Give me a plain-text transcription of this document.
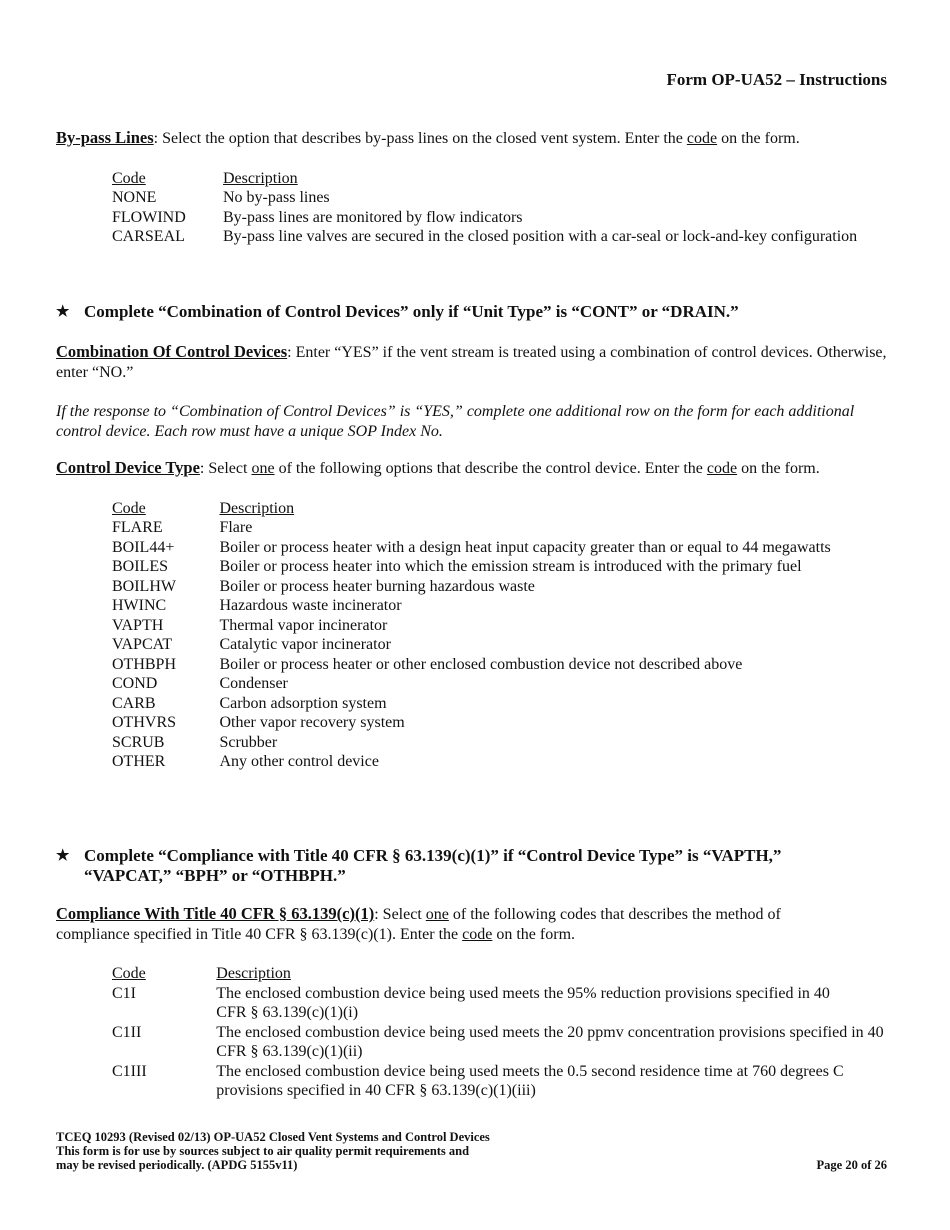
Form OP-UA52 – Instructions
By-pass Lines: Select the option that describes by-pass lines on the closed vent system. Enter the code on the form.
Code	Description
NONE	No by-pass lines
FLOWIND	By-pass lines are monitored by flow indicators
CARSEAL	By-pass line valves are secured in the closed position with a car-seal or lock-and-key configuration
★ Complete “Combination of Control Devices” only if “Unit Type” is “CONT” or “DRAIN.”
Combination Of Control Devices: Enter “YES” if the vent stream is treated using a combination of control devices. Otherwise, enter “NO.”
If the response to “Combination of Control Devices” is “YES,” complete one additional row on the form for each additional control device. Each row must have a unique SOP Index No.
Control Device Type: Select one of the following options that describe the control device. Enter the code on the form.
Code	Description
FLARE	Flare
BOIL44+	Boiler or process heater with a design heat input capacity greater than or equal to 44 megawatts
BOILES	Boiler or process heater into which the emission stream is introduced with the primary fuel
BOILHW	Boiler or process heater burning hazardous waste
HWINC	Hazardous waste incinerator
VAPTH	Thermal vapor incinerator
VAPCAT	Catalytic vapor incinerator
OTHBPH	Boiler or process heater or other enclosed combustion device not described above
COND	Condenser
CARB	Carbon adsorption system
OTHVRS	Other vapor recovery system
SCRUB	Scrubber
OTHER	Any other control device
★ Complete “Compliance with Title 40 CFR § 63.139(c)(1)” if “Control Device Type” is “VAPTH,” “VAPCAT,” “BPH” or “OTHBPH.”
Compliance With Title 40 CFR § 63.139(c)(1): Select one of the following codes that describes the method of compliance specified in Title 40 CFR § 63.139(c)(1). Enter the code on the form.
Code	Description
C1I	The enclosed combustion device being used meets the 95% reduction provisions specified in 40 CFR § 63.139(c)(1)(i)
C1II	The enclosed combustion device being used meets the 20 ppmv concentration provisions specified in 40 CFR § 63.139(c)(1)(ii)
C1III	The enclosed combustion device being used meets the 0.5 second residence time at 760 degrees C provisions specified in 40 CFR § 63.139(c)(1)(iii)
TCEQ 10293 (Revised 02/13) OP-UA52 Closed Vent Systems and Control Devices
This form is for use by sources subject to air quality permit requirements and
may be revised periodically. (APDG 5155v11)	Page 20 of 26
